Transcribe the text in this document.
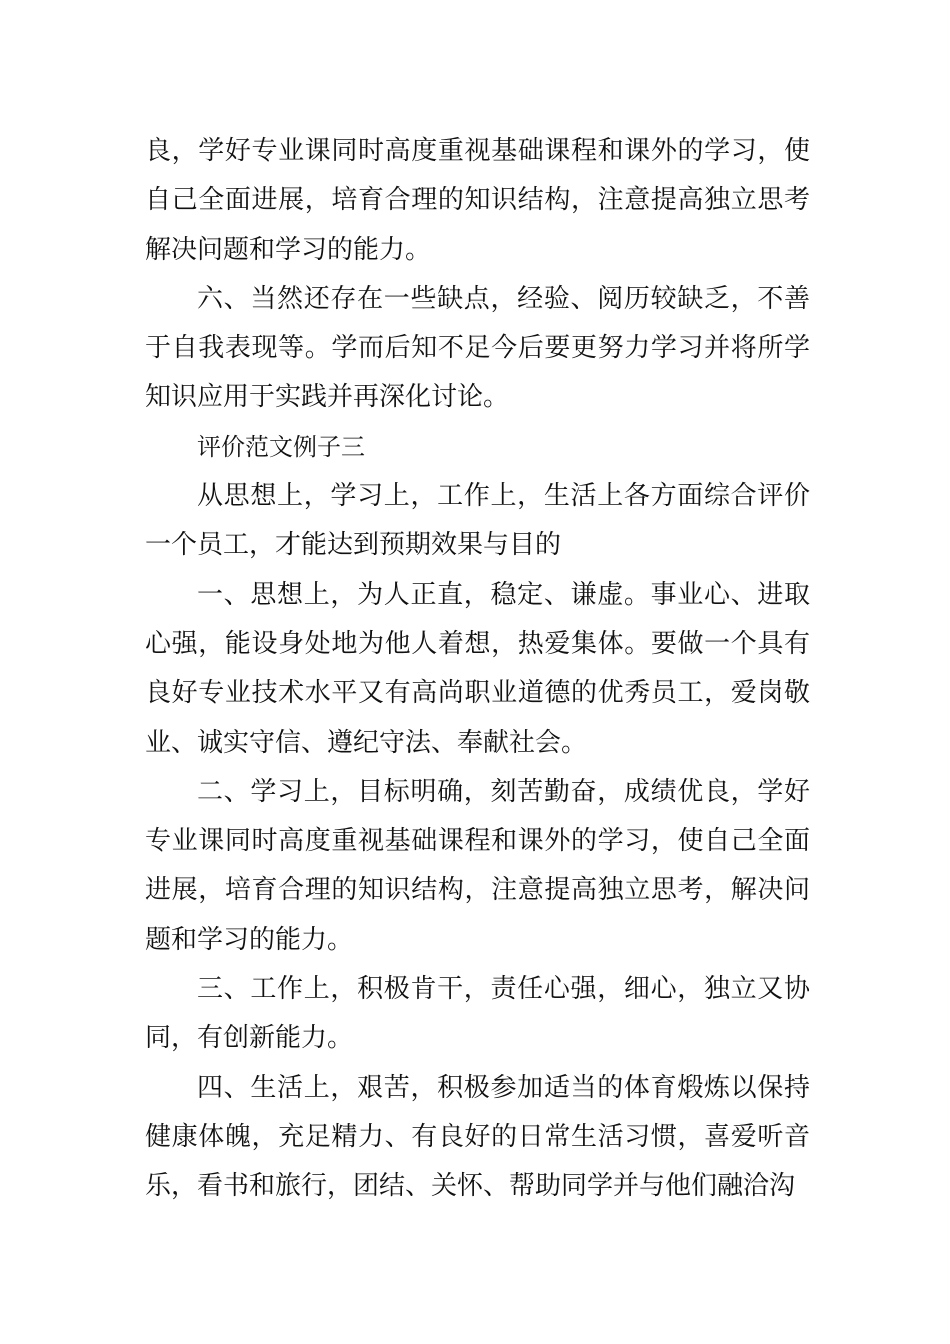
良，学好专业课同时高度重视基础课程和课外的学习，使自己全面进展，培育合理的知识结构，注意提高独立思考解决问题和学习的能力。

六、当然还存在一些缺点，经验、阅历较缺乏，不善于自我表现等。学而后知不足今后要更努力学习并将所学知识应用于实践并再深化讨论。

评价范文例子三

从思想上，学习上，工作上，生活上各方面综合评价一个员工，才能达到预期效果与目的

一、思想上，为人正直，稳定、谦虚。事业心、进取心强，能设身处地为他人着想，热爱集体。要做一个具有良好专业技术水平又有高尚职业道德的优秀员工，爱岗敬业、诚实守信、遵纪守法、奉献社会。

二、学习上，目标明确，刻苦勤奋，成绩优良，学好专业课同时高度重视基础课程和课外的学习，使自己全面进展，培育合理的知识结构，注意提高独立思考，解决问题和学习的能力。

三、工作上，积极肯干，责任心强，细心，独立又协同，有创新能力。

四、生活上，艰苦，积极参加适当的体育煅炼以保持健康体魄，充足精力、有良好的日常生活习惯，喜爱听音乐，看书和旅行，团结、关怀、帮助同学并与他们融洽沟
